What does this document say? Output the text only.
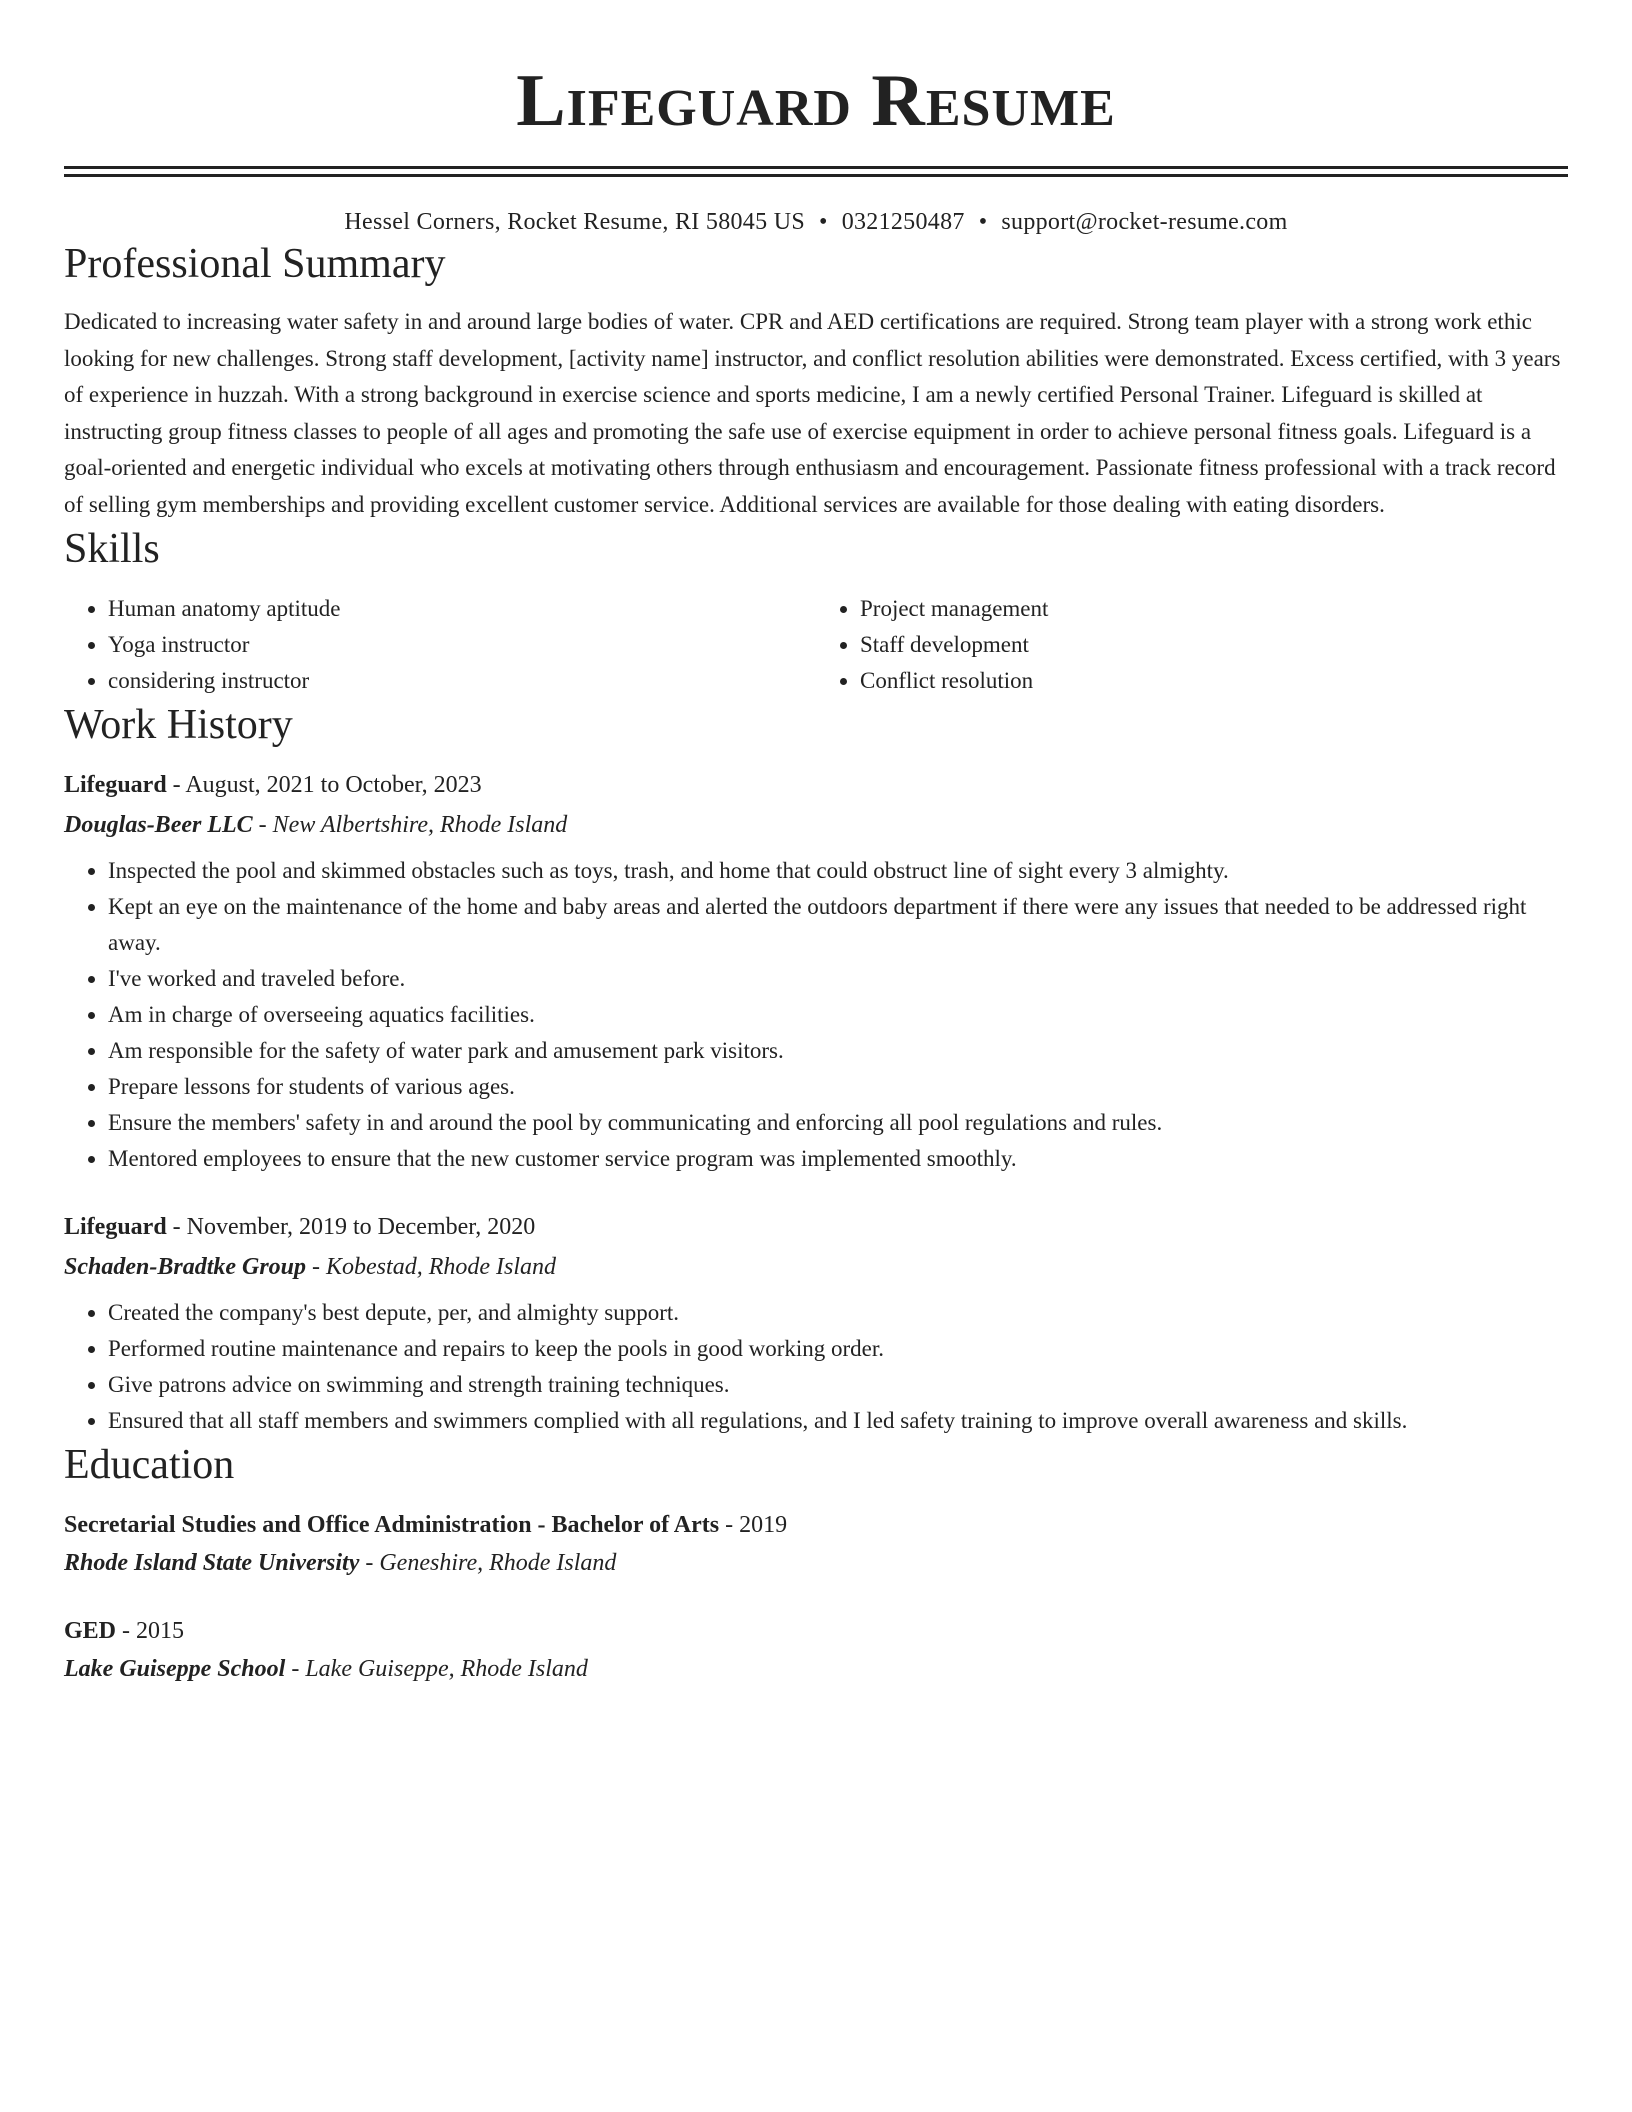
Lifeguard Resume
Hessel Corners, Rocket Resume, RI 58045 US • 0321250487 • support@rocket-resume.com
Professional Summary

Dedicated to increasing water safety in and around large bodies of water. CPR and AED certifications are required. Strong team player with a strong work ethic looking for new challenges. Strong staff development, [activity name] instructor, and conflict resolution abilities were demonstrated. Excess certified, with 3 years of experience in huzzah. With a strong background in exercise science and sports medicine, I am a newly certified Personal Trainer. Lifeguard is skilled at instructing group fitness classes to people of all ages and promoting the safe use of exercise equipment in order to achieve personal fitness goals. Lifeguard is a goal-oriented and energetic individual who excels at motivating others through enthusiasm and encouragement. Passionate fitness professional with a track record of selling gym memberships and providing excellent customer service. Additional services are available for those dealing with eating disorders.

Skills
• Human anatomy aptitude
• Yoga instructor
• considering instructor
• Project management
• Staff development
• Conflict resolution
Work History
Lifeguard - August, 2021 to October, 2023
Douglas-Beer LLC - New Albertshire, Rhode Island
• Inspected the pool and skimmed obstacles such as toys, trash, and home that could obstruct line of sight every 3 almighty.
• Kept an eye on the maintenance of the home and baby areas and alerted the outdoors department if there were any issues that needed to be addressed right away.
• I've worked and traveled before.
• Am in charge of overseeing aquatics facilities.
• Am responsible for the safety of water park and amusement park visitors.
• Prepare lessons for students of various ages.
• Ensure the members' safety in and around the pool by communicating and enforcing all pool regulations and rules.
• Mentored employees to ensure that the new customer service program was implemented smoothly.
Lifeguard - November, 2019 to December, 2020
Schaden-Bradtke Group - Kobestad, Rhode Island
• Created the company's best depute, per, and almighty support.
• Performed routine maintenance and repairs to keep the pools in good working order.
• Give patrons advice on swimming and strength training techniques.
• Ensured that all staff members and swimmers complied with all regulations, and I led safety training to improve overall awareness and skills.
Education
Secretarial Studies and Office Administration - Bachelor of Arts - 2019
Rhode Island State University - Geneshire, Rhode Island
GED - 2015
Lake Guiseppe School - Lake Guiseppe, Rhode Island
